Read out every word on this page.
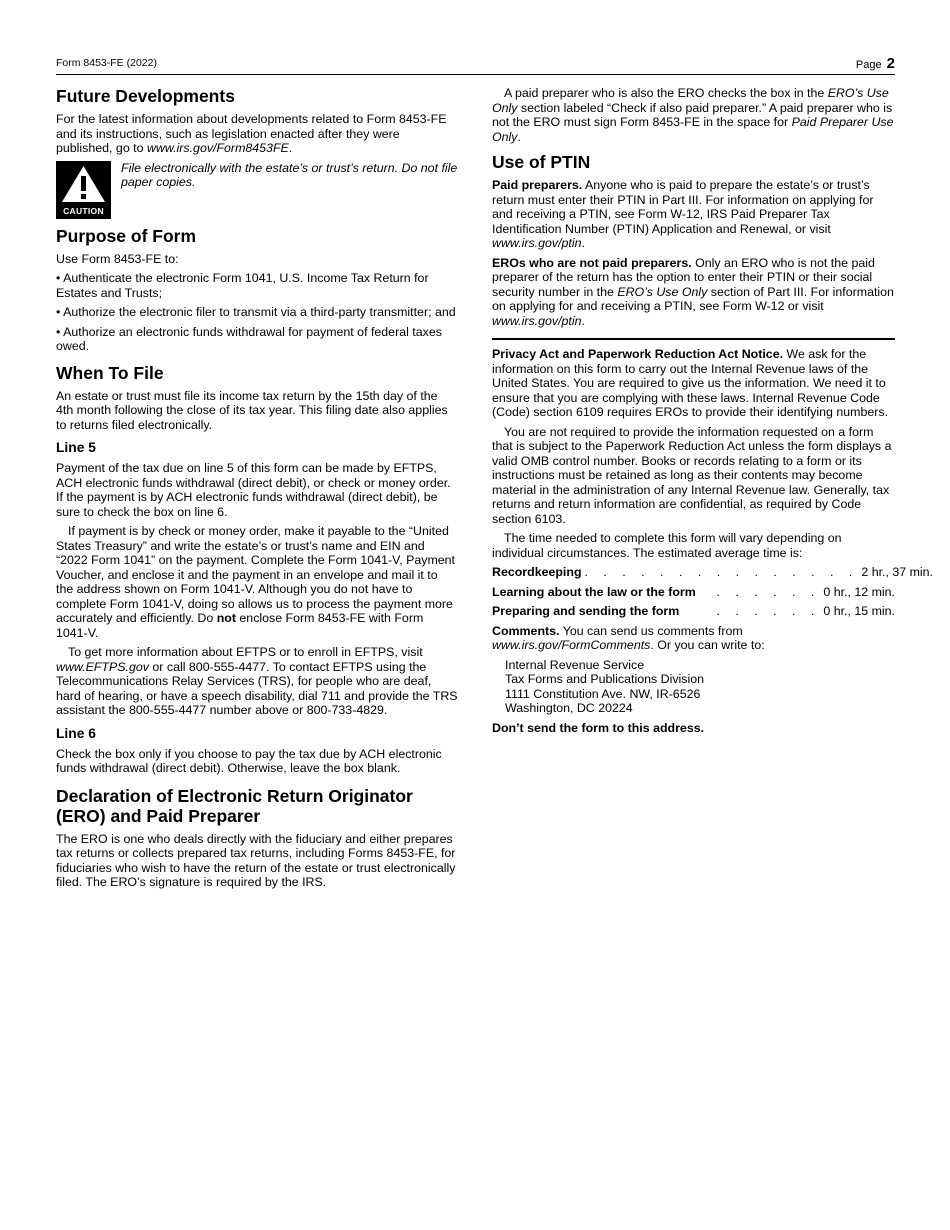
Form 8453-FE (2022)	Page 2
Future Developments

For the latest information about developments related to Form 8453-FE and its instructions, such as legislation enacted after they were published, go to www.irs.gov/Form8453FE.

CAUTION
File electronically with the estate’s or trust’s return. Do not file paper copies.
Purpose of Form

Use Form 8453-FE to:

• Authenticate the electronic Form 1041, U.S. Income Tax Return for Estates and Trusts;

• Authorize the electronic filer to transmit via a third-party transmitter; and

• Authorize an electronic funds withdrawal for payment of federal taxes owed.

When To File

An estate or trust must file its income tax return by the 15th day of the 4th month following the close of its tax year. This filing date also applies to returns filed electronically.

Line 5

Payment of the tax due on line 5 of this form can be made by EFTPS, ACH electronic funds withdrawal (direct debit), or check or money order. If the payment is by ACH electronic funds withdrawal (direct debit), be sure to check the box on line 6.

If payment is by check or money order, make it payable to the “United States Treasury” and write the estate’s or trust’s name and EIN and “2022 Form 1041” on the payment. Complete the Form 1041-V, Payment Voucher, and enclose it and the payment in an envelope and mail it to the address shown on Form 1041-V. Although you do not have to complete Form 1041-V, doing so allows us to process the payment more accurately and efficiently. Do not enclose Form 8453-FE with Form 1041-V.

To get more information about EFTPS or to enroll in EFTPS, visit www.EFTPS.gov or call 800-555-4477. To contact EFTPS using the Telecommunications Relay Services (TRS), for people who are deaf, hard of hearing, or have a speech disability, dial 711 and provide the TRS assistant the 800-555-4477 number above or 800-733-4829.

Line 6

Check the box only if you choose to pay the tax due by ACH electronic funds withdrawal (direct debit). Otherwise, leave the box blank.

Declaration of Electronic Return Originator (ERO) and Paid Preparer

The ERO is one who deals directly with the fiduciary and either prepares tax returns or collects prepared tax returns, including Forms 8453-FE, for fiduciaries who wish to have the return of the estate or trust electronically filed. The ERO’s signature is required by the IRS.

A paid preparer who is also the ERO checks the box in the ERO’s Use Only section labeled “Check if also paid preparer.” A paid preparer who is not the ERO must sign Form 8453-FE in the space for Paid Preparer Use Only.

Use of PTIN

Paid preparers. Anyone who is paid to prepare the estate’s or trust’s return must enter their PTIN in Part III. For information on applying for and receiving a PTIN, see Form W-12, IRS Paid Preparer Tax Identification Number (PTIN) Application and Renewal, or visit www.irs.gov/ptin.

EROs who are not paid preparers. Only an ERO who is not the paid preparer of the return has the option to enter their PTIN or their social security number in the ERO’s Use Only section of Part III. For information on applying for and receiving a PTIN, see Form W-12 or visit www.irs.gov/ptin.

Privacy Act and Paperwork Reduction Act Notice. We ask for the information on this form to carry out the Internal Revenue laws of the United States. You are required to give us the information. We need it to ensure that you are complying with these laws. Internal Revenue Code (Code) section 6109 requires EROs to provide their identifying numbers.

You are not required to provide the information requested on a form that is subject to the Paperwork Reduction Act unless the form displays a valid OMB control number. Books or records relating to a form or its instructions must be retained as long as their contents may become material in the administration of any Internal Revenue law. Generally, tax returns and return information are confidential, as required by Code section 6103.

The time needed to complete this form will vary depending on individual circumstances. The estimated average time is:

Recordkeeping . . . . . . . . . . . . . . . 2 hr., 37 min.
Learning about the law or the form	. . . . . . 0 hr., 12 min.
Preparing and sending the form	. . . . . . 0 hr., 15 min.

Comments. You can send us comments from www.irs.gov/FormComments. Or you can write to:

Internal Revenue Service
Tax Forms and Publications Division
1111 Constitution Ave. NW, IR-6526
Washington, DC 20224

Don’t send the form to this address.
